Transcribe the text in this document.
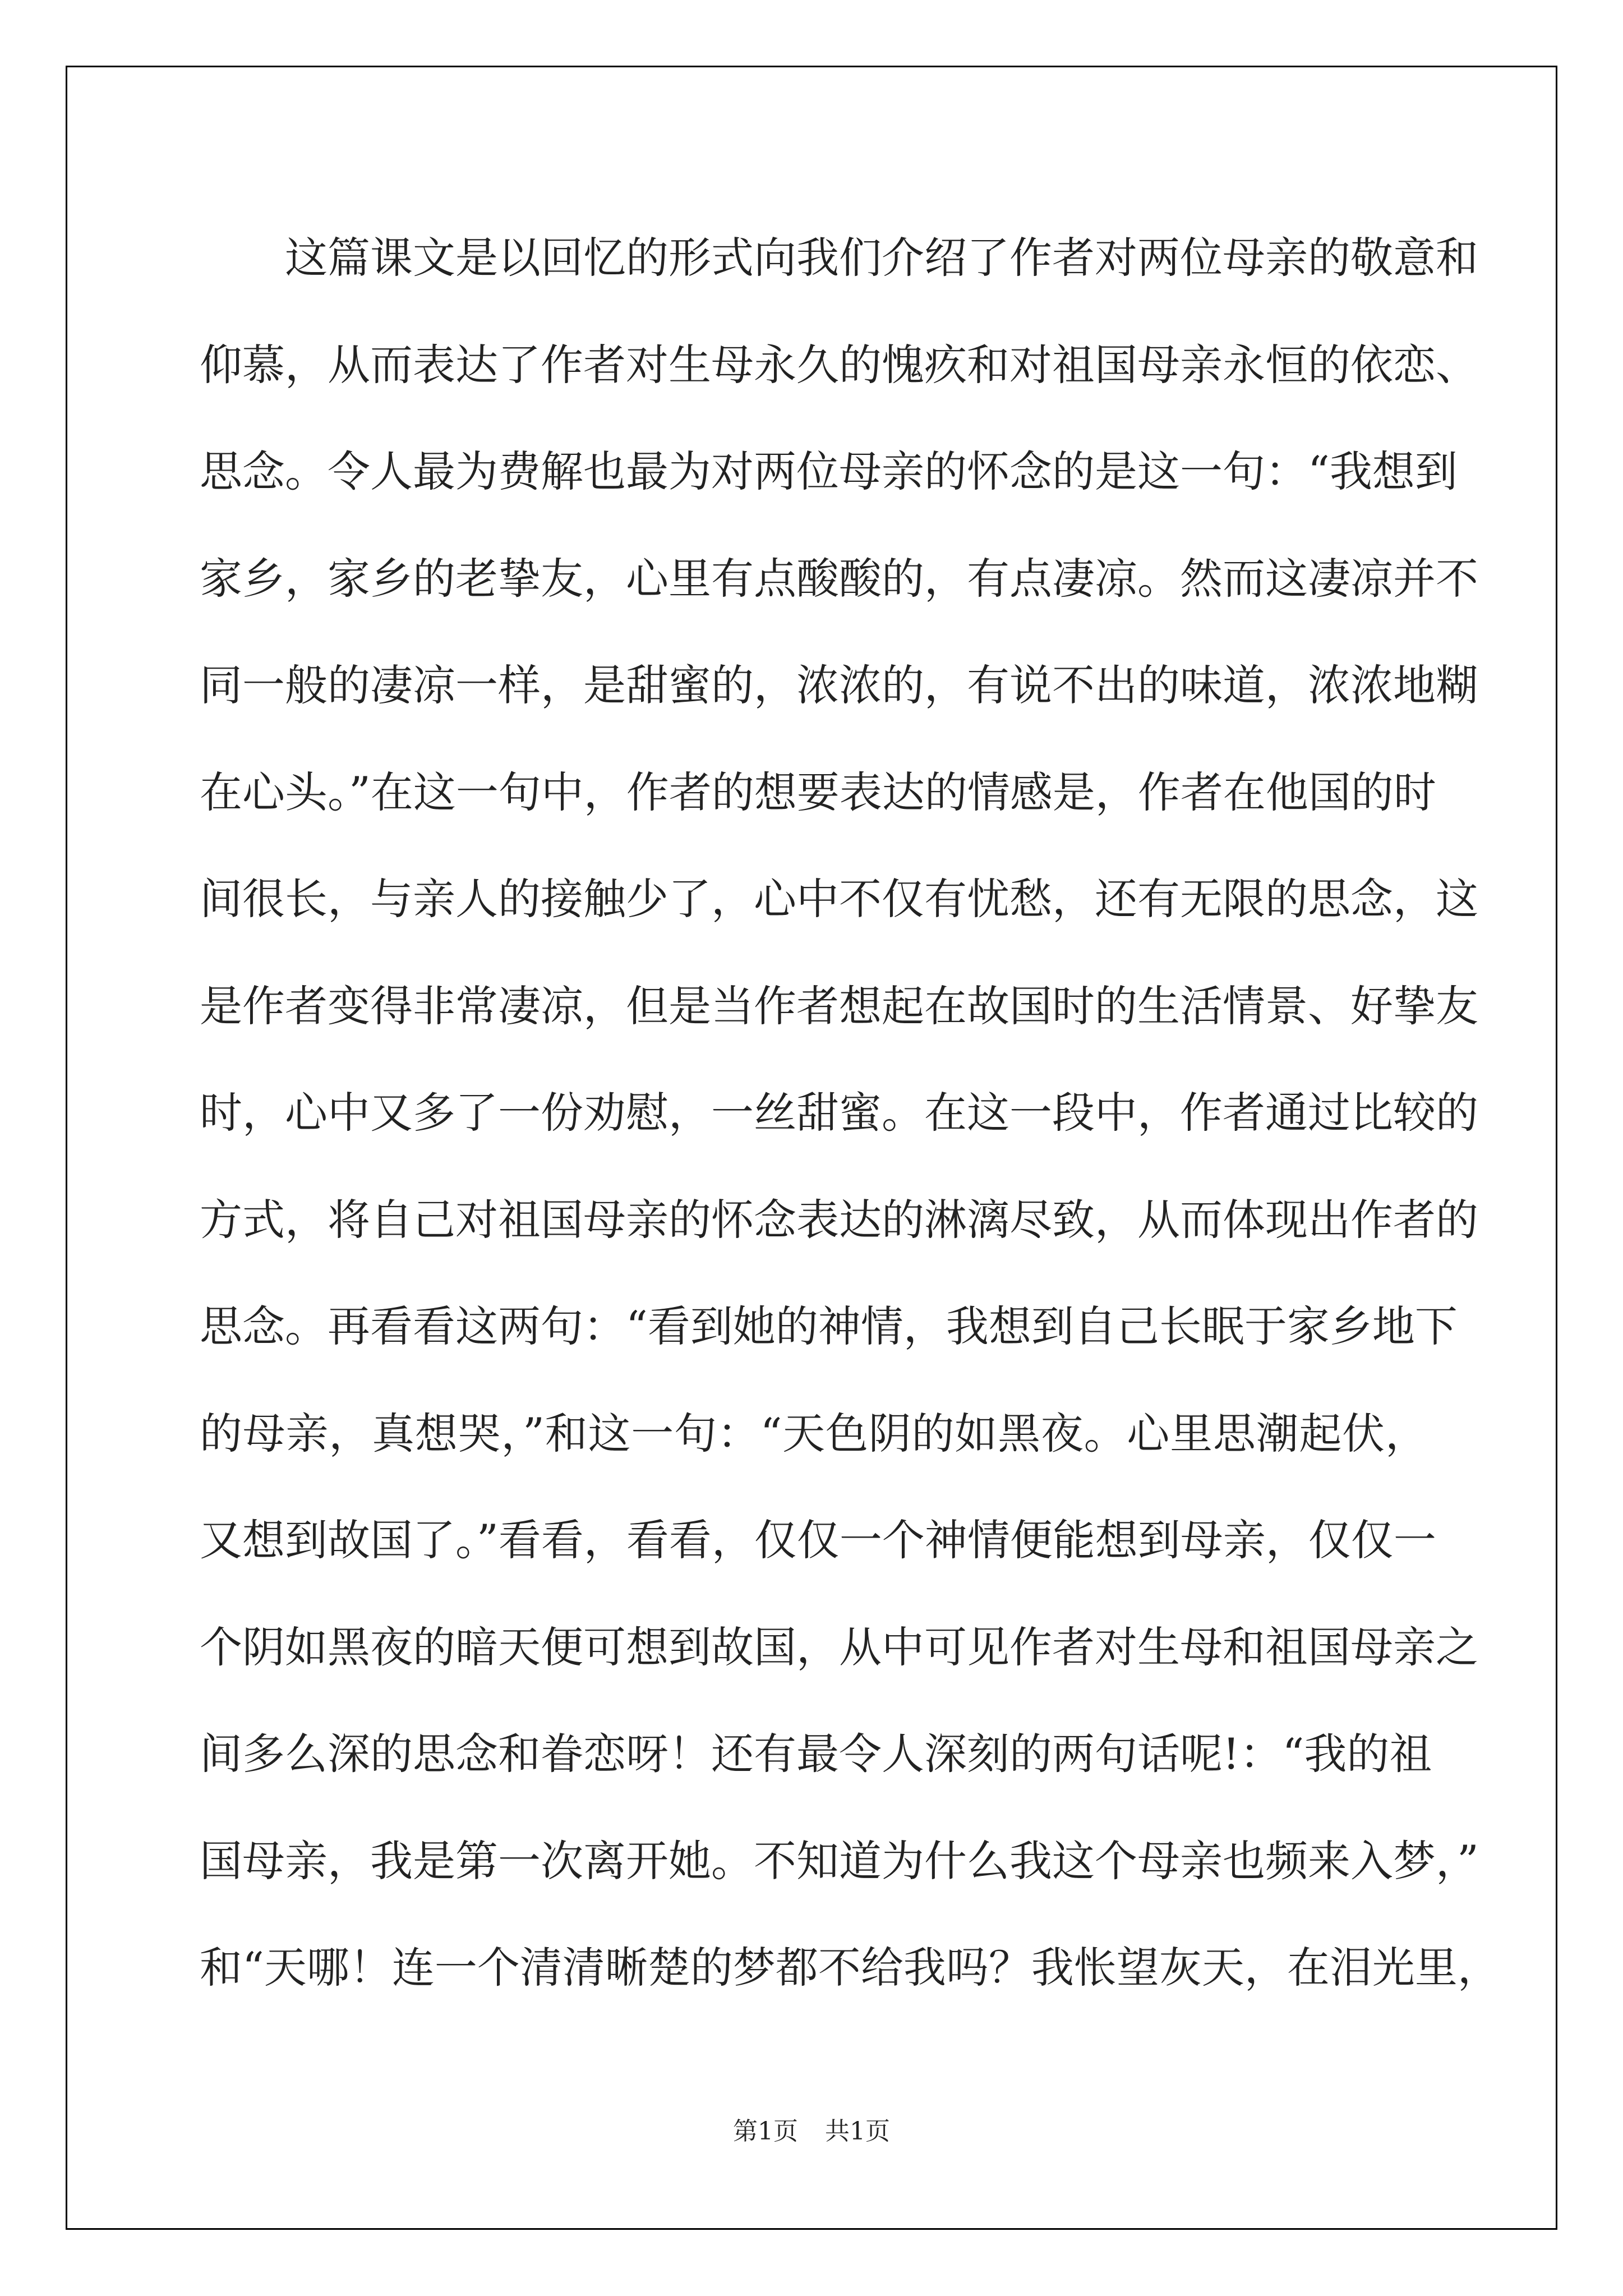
　　这篇课文是以回忆的形式向我们介绍了作者对两位母亲的敬意和
仰慕，从而表达了作者对生母永久的愧疚和对祖国母亲永恒的依恋、
思念。令人最为费解也最为对两位母亲的怀念的是这一句：“我想到
家乡，家乡的老挚友，心里有点酸酸的，有点凄凉。然而这凄凉并不
同一般的凄凉一样，是甜蜜的，浓浓的，有说不出的味道，浓浓地糊
在心头。”在这一句中，作者的想要表达的情感是，作者在他国的时
间很长，与亲人的接触少了，心中不仅有忧愁，还有无限的思念，这
是作者变得非常凄凉，但是当作者想起在故国时的生活情景、好挚友
时，心中又多了一份劝慰，一丝甜蜜。在这一段中，作者通过比较的
方式，将自己对祖国母亲的怀念表达的淋漓尽致，从而体现出作者的
思念。再看看这两句：“看到她的神情，我想到自己长眠于家乡地下
的母亲，真想哭，”和这一句：“天色阴的如黑夜。心里思潮起伏，
又想到故国了。”看看，看看，仅仅一个神情便能想到母亲，仅仅一
个阴如黑夜的暗天便可想到故国，从中可见作者对生母和祖国母亲之
间多么深的思念和眷恋呀！还有最令人深刻的两句话呢!：“我的祖
国母亲，我是第一次离开她。不知道为什么我这个母亲也频来入梦，”
和“天哪！连一个清清晰楚的梦都不给我吗？我怅望灰天，在泪光里，
第1页 共1页
